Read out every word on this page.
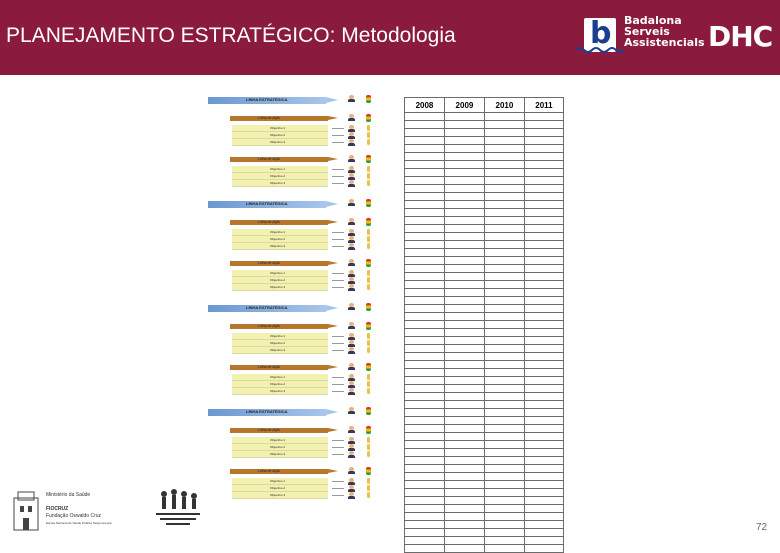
PLANEJAMENTO ESTRATÉGICO: Metodologia	b Badalona
Serveis
Assistencials DHC
LINHA ESTRATÉGICA
Linha de Ação
Objectivo 1
Objectivo 2
Objectivo 3
Linha de Ação
Objectivo 1
Objectivo 2
Objectivo 3
LINHA ESTRATÉGICA
Linha de Ação
Objectivo 1
Objectivo 2
Objectivo 3
Linha de Ação
Objectivo 1
Objectivo 2
Objectivo 3
LINHA ESTRATÉGICA
Linha de Ação
Objectivo 1
Objectivo 2
Objectivo 3
Linha de Ação
Objectivo 1
Objectivo 2
Objectivo 3
LINHA ESTRATÉGICA
Linha de Ação
Objectivo 1
Objectivo 2
Objectivo 3
Linha de Ação
Objectivo 1
Objectivo 2
Objectivo 3
2008	2009	2010	2011

Ministério da Saúde
FIOCRUZ
Fundação Oswaldo Cruz
Escola Nacional de Saúde Pública Sergio Arouca	72
